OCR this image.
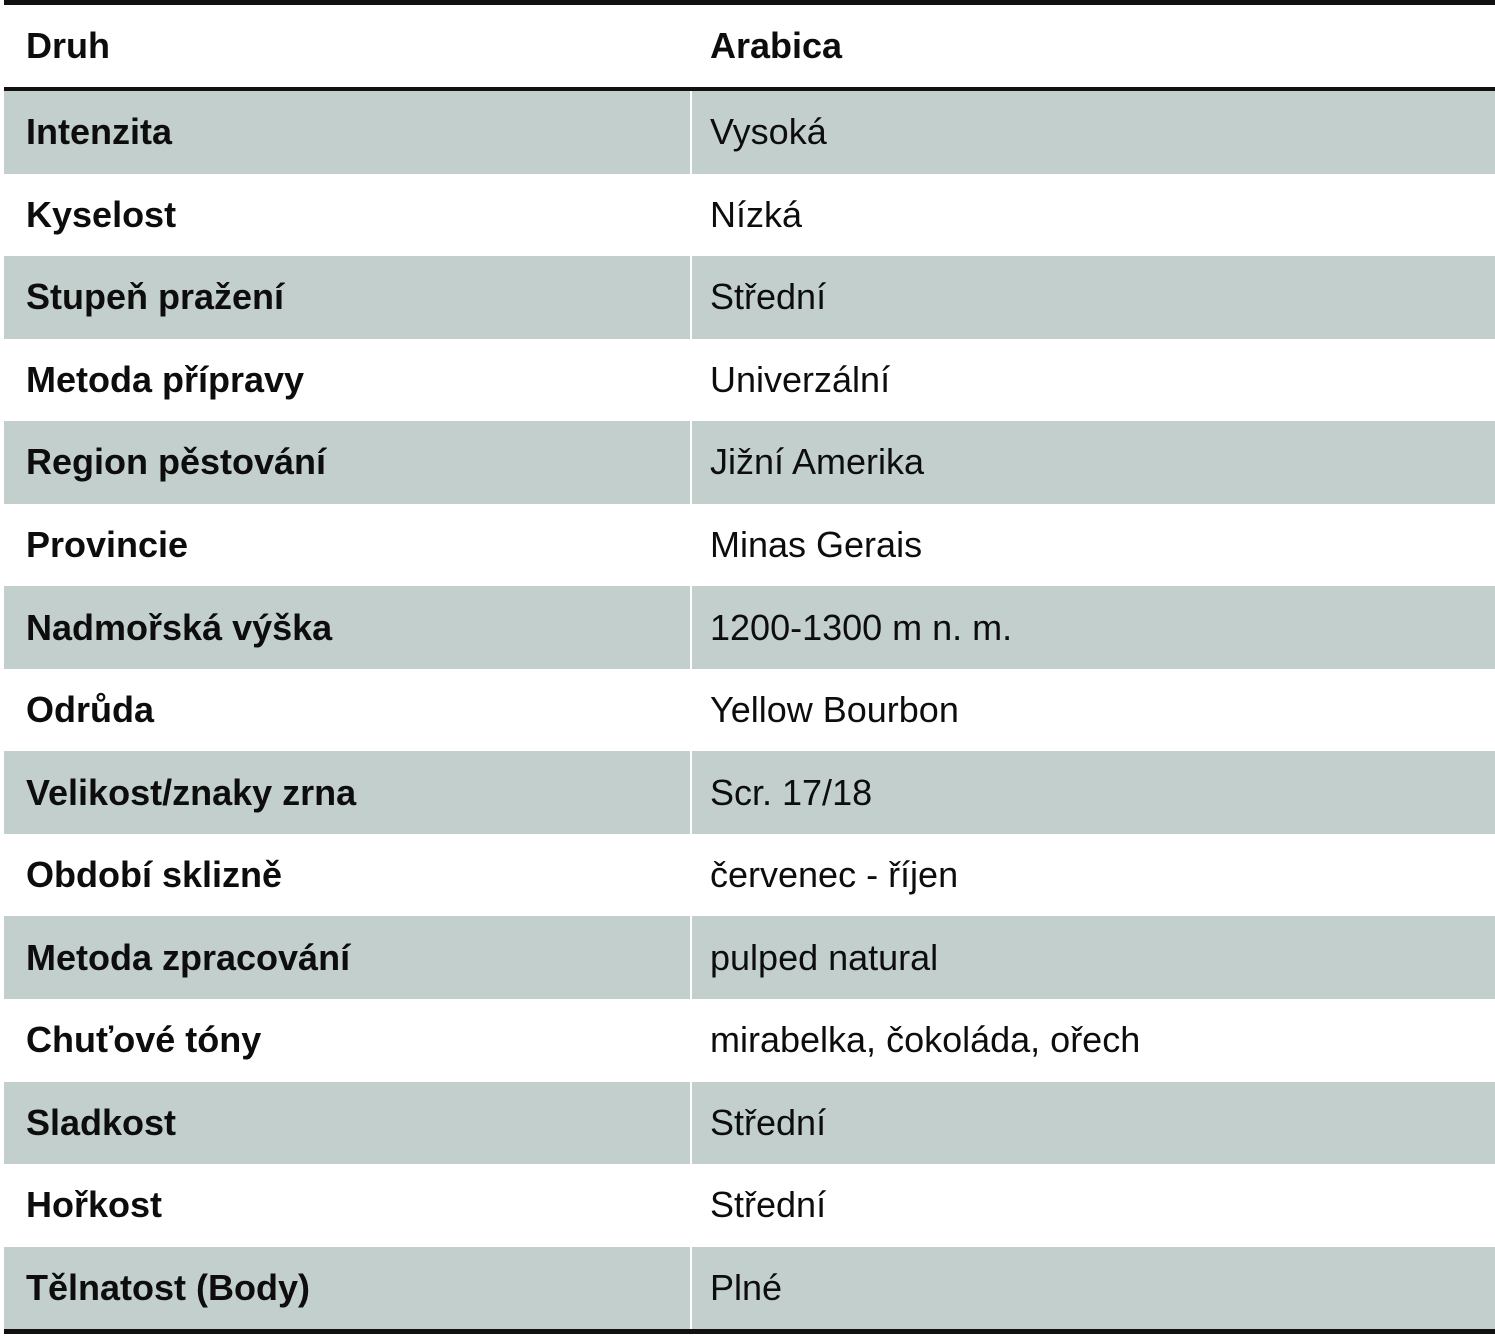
Druh	Arabica
Intenzita	Vysoká
Kyselost	Nízká
Stupeň pražení	Střední
Metoda přípravy	Univerzální
Region pěstování	Jižní Amerika
Provincie	Minas Gerais
Nadmořská výška	1200-1300 m n. m.
Odrůda	Yellow Bourbon
Velikost/znaky zrna	Scr. 17/18
Období sklizně	červenec - říjen
Metoda zpracování	pulped natural
Chuťové tóny	mirabelka, čokoláda, ořech
Sladkost	Střední
Hořkost	Střední
Tělnatost (Body)	Plné
